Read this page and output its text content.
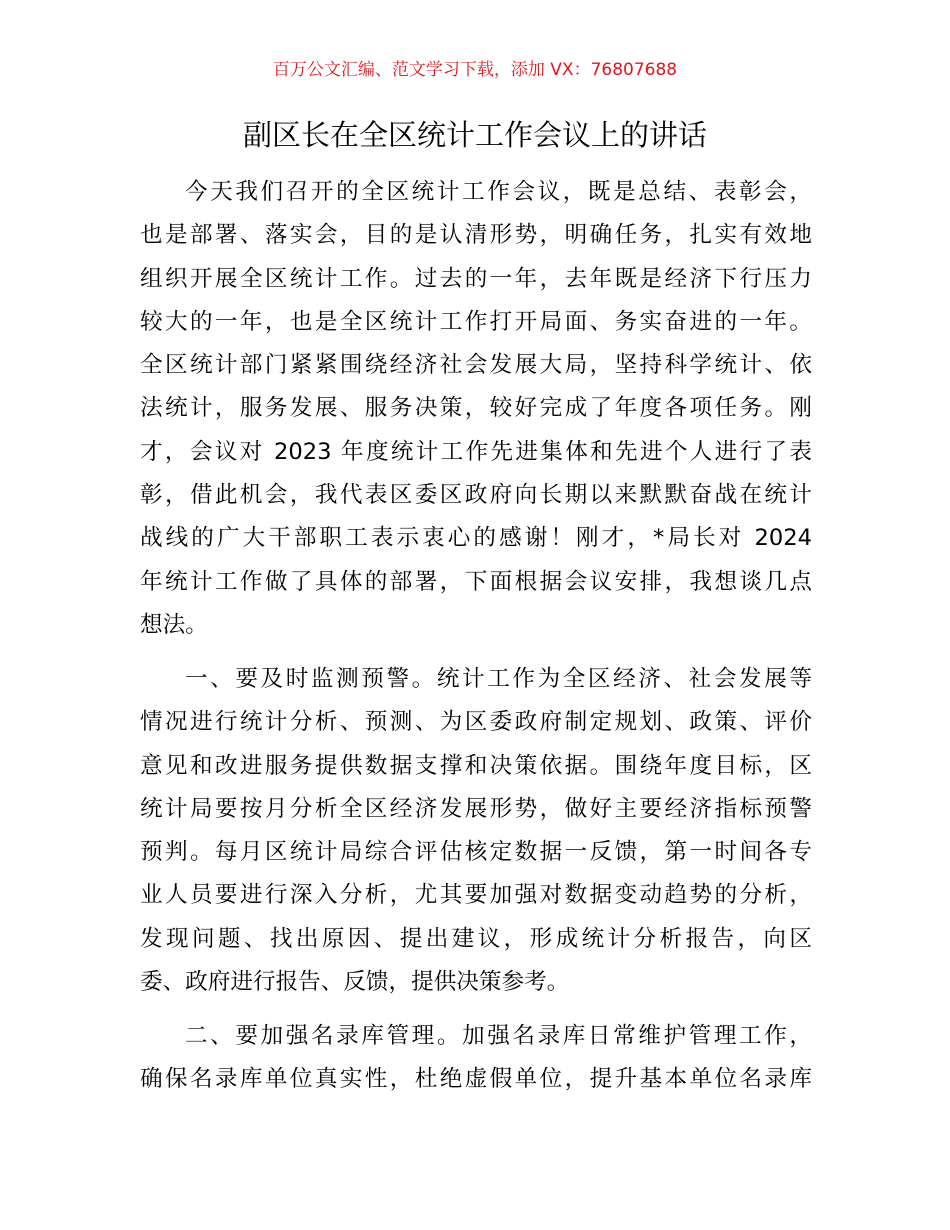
百万公文汇编、范文学习下载，添加 VX：76807688
副区长在全区统计工作会议上的讲话
今天我们召开的全区统计工作会议，既是总结、表彰会，
也是部署、落实会，目的是认清形势，明确任务，扎实有效地
组织开展全区统计工作。过去的一年，去年既是经济下行压力
较大的一年，也是全区统计工作打开局面、务实奋进的一年。
全区统计部门紧紧围绕经济社会发展大局，坚持科学统计、依
法统计，服务发展、服务决策，较好完成了年度各项任务。刚
才，会议对 2023 年度统计工作先进集体和先进个人进行了表
彰，借此机会，我代表区委区政府向长期以来默默奋战在统计
战线的广大干部职工表示衷心的感谢！刚才，*局长对 2024
年统计工作做了具体的部署，下面根据会议安排，我想谈几点
想法。
一、要及时监测预警。统计工作为全区经济、社会发展等
情况进行统计分析、预测、为区委政府制定规划、政策、评价
意见和改进服务提供数据支撑和决策依据。围绕年度目标，区
统计局要按月分析全区经济发展形势，做好主要经济指标预警
预判。每月区统计局综合评估核定数据一反馈，第一时间各专
业人员要进行深入分析，尤其要加强对数据变动趋势的分析，
发现问题、找出原因、提出建议，形成统计分析报告，向区
委、政府进行报告、反馈，提供决策参考。
二、要加强名录库管理。加强名录库日常维护管理工作，
确保名录库单位真实性，杜绝虚假单位，提升基本单位名录库
